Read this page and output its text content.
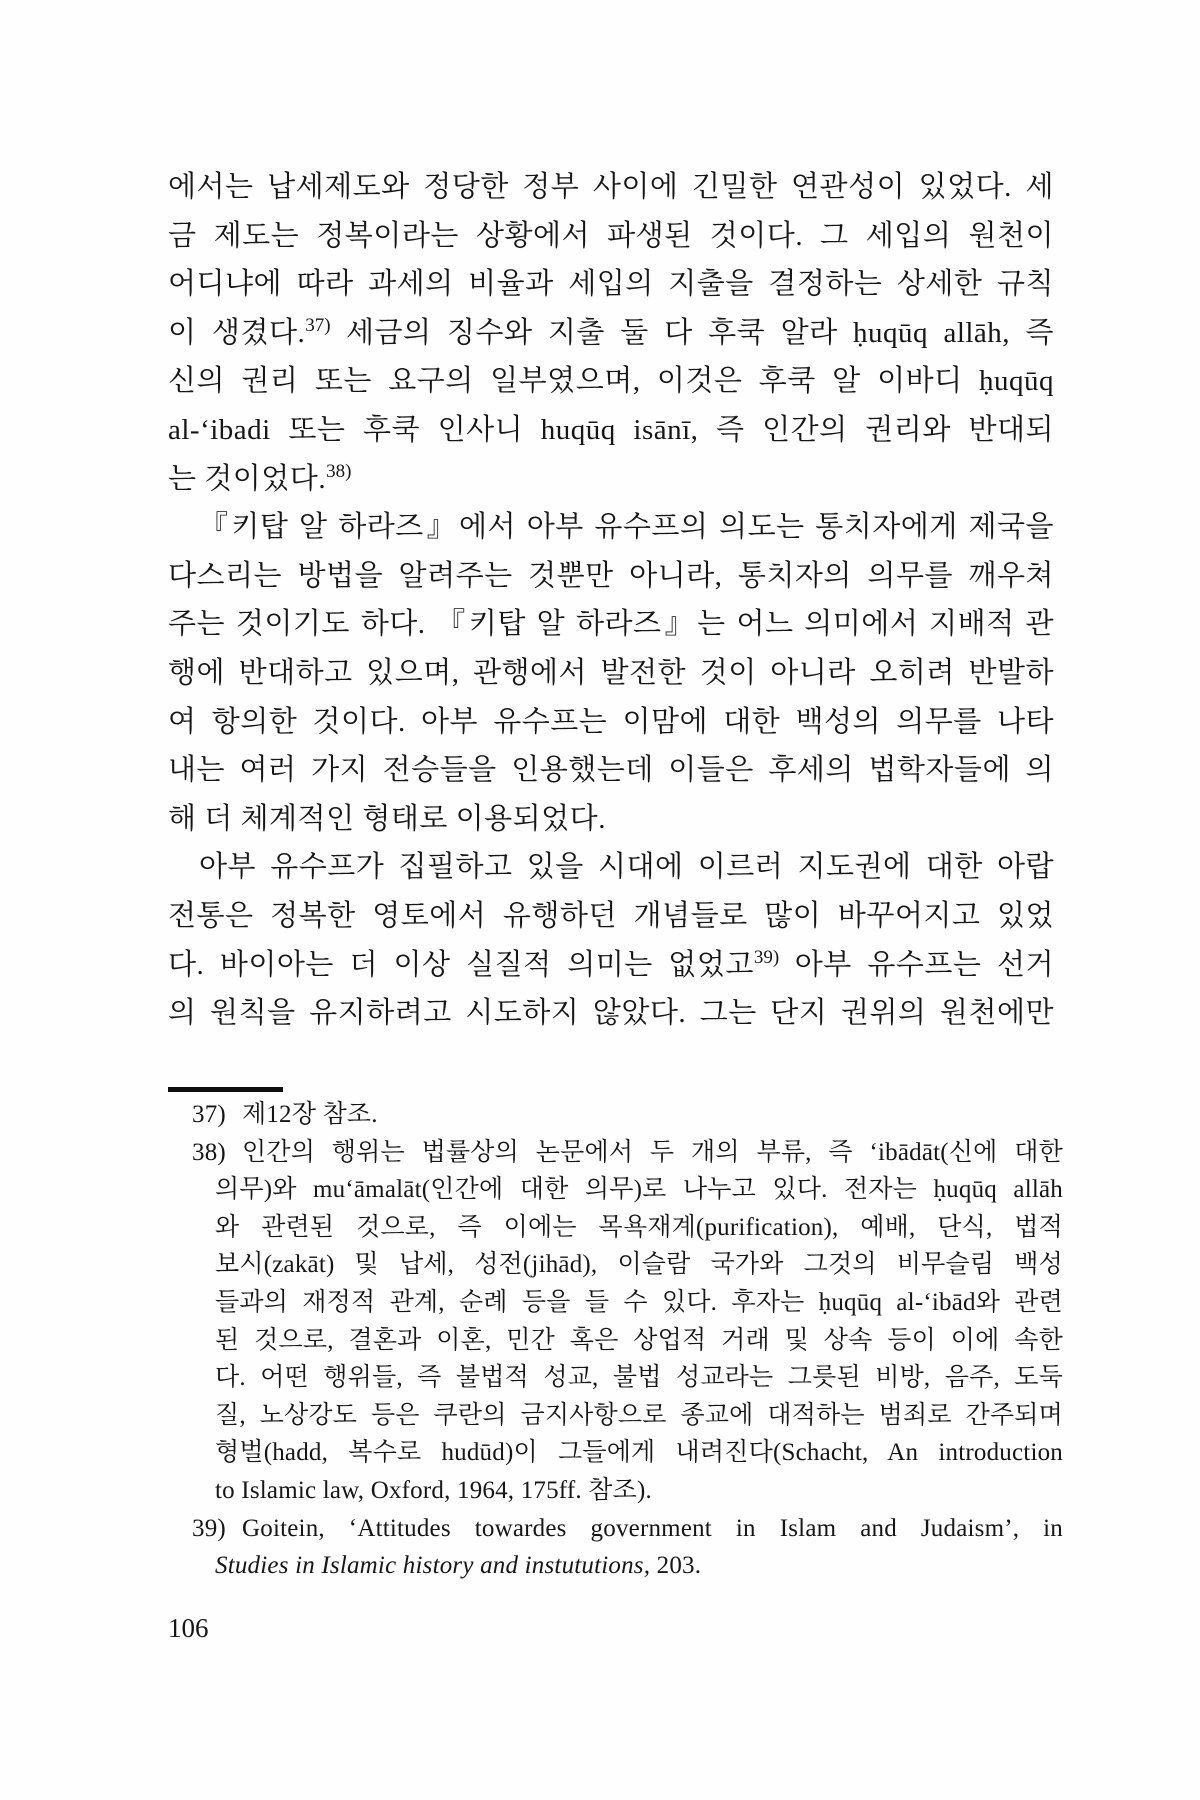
에서는 납세제도와 정당한 정부 사이에 긴밀한 연관성이 있었다. 세
금 제도는 정복이라는 상황에서 파생된 것이다. 그 세입의 원천이
어디냐에 따라 과세의 비율과 세입의 지출을 결정하는 상세한 규칙
이 생겼다.$^{37)}$ 세금의 징수와 지출 둘 다 후쿡 알라 ḥuqūq allāh, 즉
신의 권리 또는 요구의 일부였으며, 이것은 후쿡 알 이바디 ḥuqūq
al-‘ibadi 또는 후쿡 인사니 huqūq isānī, 즉 인간의 권리와 반대되
는 것이었다.$^{38)}$
『키탑 알 하라즈』에서 아부 유수프의 의도는 통치자에게 제국을
다스리는 방법을 알려주는 것뿐만 아니라, 통치자의 의무를 깨우쳐
주는 것이기도 하다. 『키탑 알 하라즈』는 어느 의미에서 지배적 관
행에 반대하고 있으며, 관행에서 발전한 것이 아니라 오히려 반발하
여 항의한 것이다. 아부 유수프는 이맘에 대한 백성의 의무를 나타
내는 여러 가지 전승들을 인용했는데 이들은 후세의 법학자들에 의
해 더 체계적인 형태로 이용되었다.
아부 유수프가 집필하고 있을 시대에 이르러 지도권에 대한 아랍
전통은 정복한 영토에서 유행하던 개념들로 많이 바꾸어지고 있었
다. 바이아는 더 이상 실질적 의미는 없었고$^{39)}$ 아부 유수프는 선거
의 원칙을 유지하려고 시도하지 않았다. 그는 단지 권위의 원천에만
37) 제12장 참조.
38) 인간의 행위는 법률상의 논문에서 두 개의 부류, 즉 ‘ibādāt(신에 대한
의무)와 mu‘āmalāt(인간에 대한 의무)로 나누고 있다. 전자는 ḥuqūq allāh
와 관련된 것으로, 즉 이에는 목욕재계(purification), 예배, 단식, 법적
보시(zakāt) 및 납세, 성전(jihād), 이슬람 국가와 그것의 비무슬림 백성
들과의 재정적 관계, 순례 등을 들 수 있다. 후자는 ḥuqūq al-‘ibād와 관련
된 것으로, 결혼과 이혼, 민간 혹은 상업적 거래 및 상속 등이 이에 속한
다. 어떤 행위들, 즉 불법적 성교, 불법 성교라는 그릇된 비방, 음주, 도둑
질, 노상강도 등은 쿠란의 금지사항으로 종교에 대적하는 범죄로 간주되며
형벌(hadd, 복수로 hudūd)이 그들에게 내려진다(Schacht, An introduction
to Islamic law, Oxford, 1964, 175ff. 참조).
39) Goitein, ‘Attitudes towardes government in Islam and Judaism’, in
Studies in Islamic history and instututions, 203.
106
